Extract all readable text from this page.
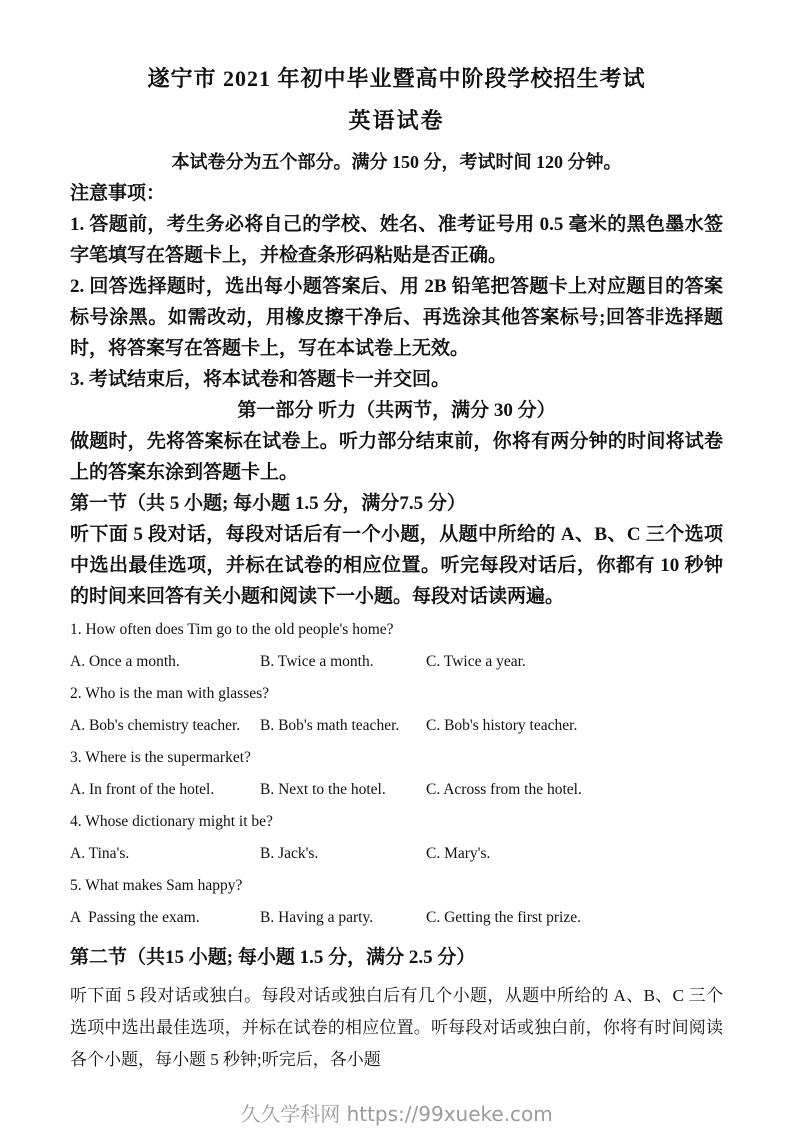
遂宁市 2021 年初中毕业暨高中阶段学校招生考试
英语试卷
本试卷分为五个部分。满分 150 分，考试时间 120 分钟。

注意事项：

1. 答题前，考生务必将自己的学校、姓名、准考证号用 0.5 毫米的黑色墨水签字笔填写在答题卡上，并检查条形码粘贴是否正确。

2. 回答选择题时，选出每小题答案后、用 2B 铅笔把答题卡上对应题目的答案标号涂黑。如需改动，用橡皮擦干净后、再选涂其他答案标号;回答非选择题时，将答案写在答题卡上，写在本试卷上无效。

3. 考试结束后，将本试卷和答题卡一并交回。

第一部分 听力（共两节，满分 30 分）

做题时，先将答案标在试卷上。听力部分结束前，你将有两分钟的时间将试卷上的答案东涂到答题卡上。

第一节（共 5 小题; 每小题 1.5 分，满分7.5 分）

听下面 5 段对话，每段对话后有一个小题，从题中所给的 A、B、C 三个选项中选出最佳选项，并标在试卷的相应位置。听完每段对话后，你都有 10 秒钟的时间来回答有关小题和阅读下一小题。每段对话读两遍。

1. How often does Tim go to the old people's home?
A. Once a month.	B. Twice a month.	C. Twice a year.
2. Who is the man with glasses?
A. Bob's chemistry teacher.	B. Bob's math teacher.	C. Bob's history teacher.
3. Where is the supermarket?
A. In front of the hotel.	B. Next to the hotel.	C. Across from the hotel.
4. Whose dictionary might it be?
A. Tina's.	B. Jack's.	C. Mary's.
5. What makes Sam happy?
A  Passing the exam.	B. Having a party.	C. Getting the first prize.

第二节（共15 小题; 每小题 1.5 分，满分 2.5 分）

听下面 5 段对话或独白。每段对话或独白后有几个小题，从题中所给的 A、B、C 三个选项中选出最佳选项，并标在试卷的相应位置。听每段对话或独白前，你将有时间阅读各个小题，每小题 5 秒钟;听完后，各小题

久久学科网 https://99xueke.com
